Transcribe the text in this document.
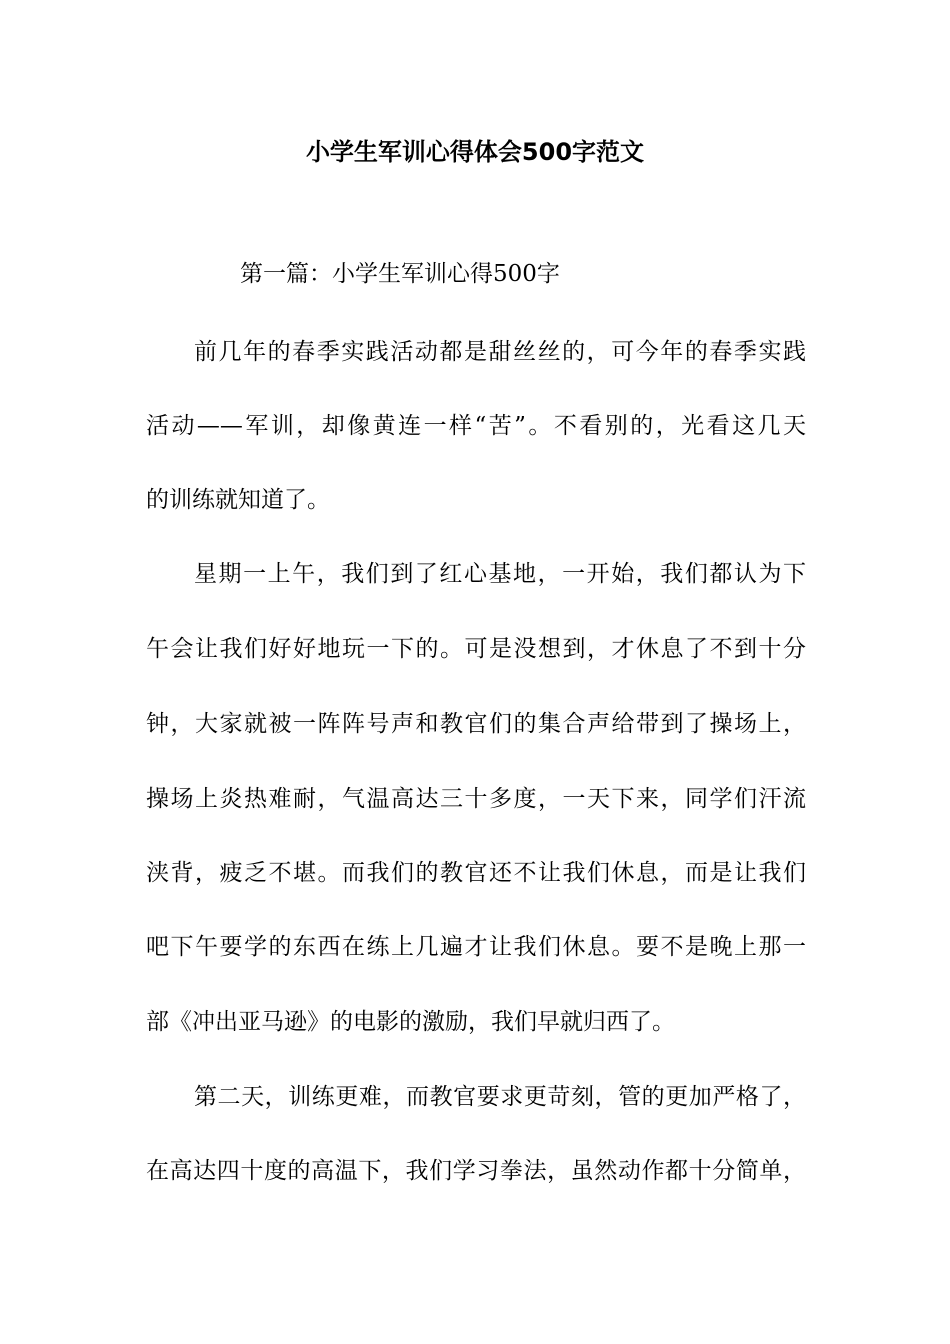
小学生军训心得体会500字范文

第一篇：小学生军训心得500字

前几年的春季实践活动都是甜丝丝的，可今年的春季实践

活动——军训，却像黄连一样“苦”。不看别的，光看这几天

的训练就知道了。

星期一上午，我们到了红心基地，一开始，我们都认为下

午会让我们好好地玩一下的。可是没想到，才休息了不到十分

钟，大家就被一阵阵号声和教官们的集合声给带到了操场上，

操场上炎热难耐，气温高达三十多度，一天下来，同学们汗流

浃背，疲乏不堪。而我们的教官还不让我们休息，而是让我们

吧下午要学的东西在练上几遍才让我们休息。要不是晚上那一

部《冲出亚马逊》的电影的激励，我们早就归西了。

第二天，训练更难，而教官要求更苛刻，管的更加严格了，

在高达四十度的高温下，我们学习拳法，虽然动作都十分简单，
